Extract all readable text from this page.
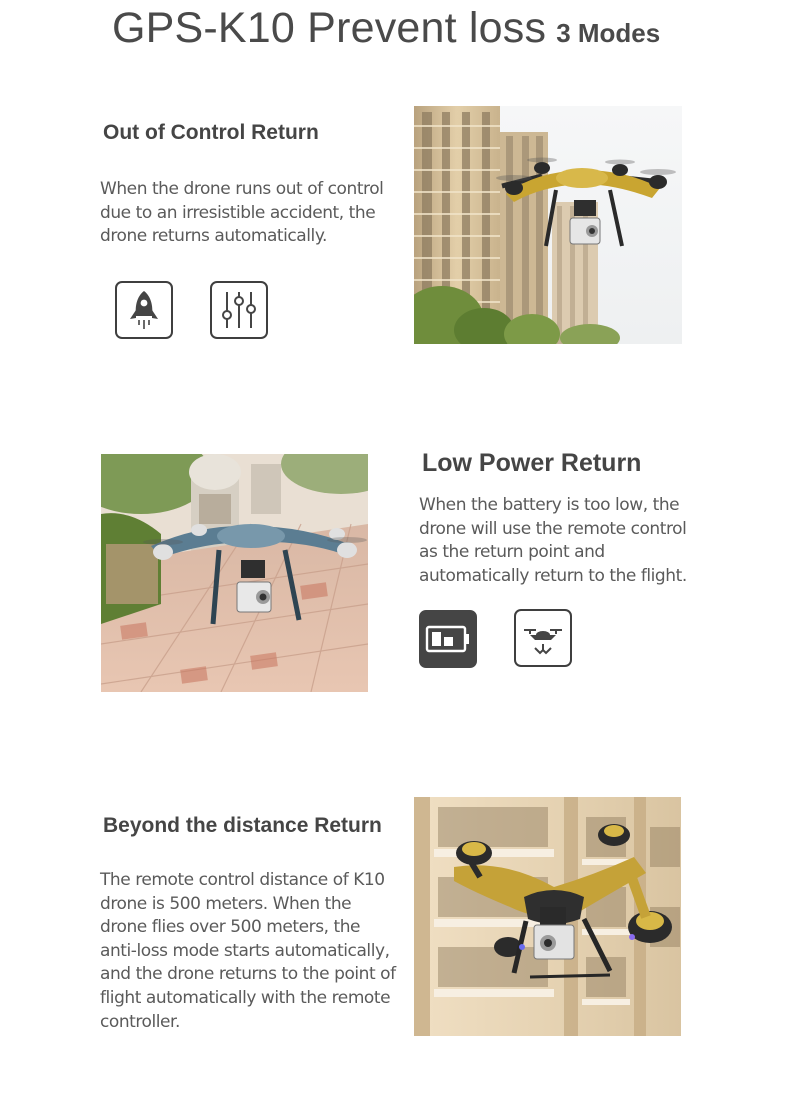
GPS-K10 Prevent loss 3 Modes
Out of Control Return

When the drone runs out of control due to an irresistible accident, the drone returns automatically.

Low Power Return

When the battery is too low, the drone will use the remote control as the return point and automatically return to the flight.

Beyond the distance Return

The remote control distance of K10 drone is 500 meters. When the drone flies over 500 meters, the anti-loss mode starts automatically, and the drone returns to the point of flight automatically with the remote controller.
